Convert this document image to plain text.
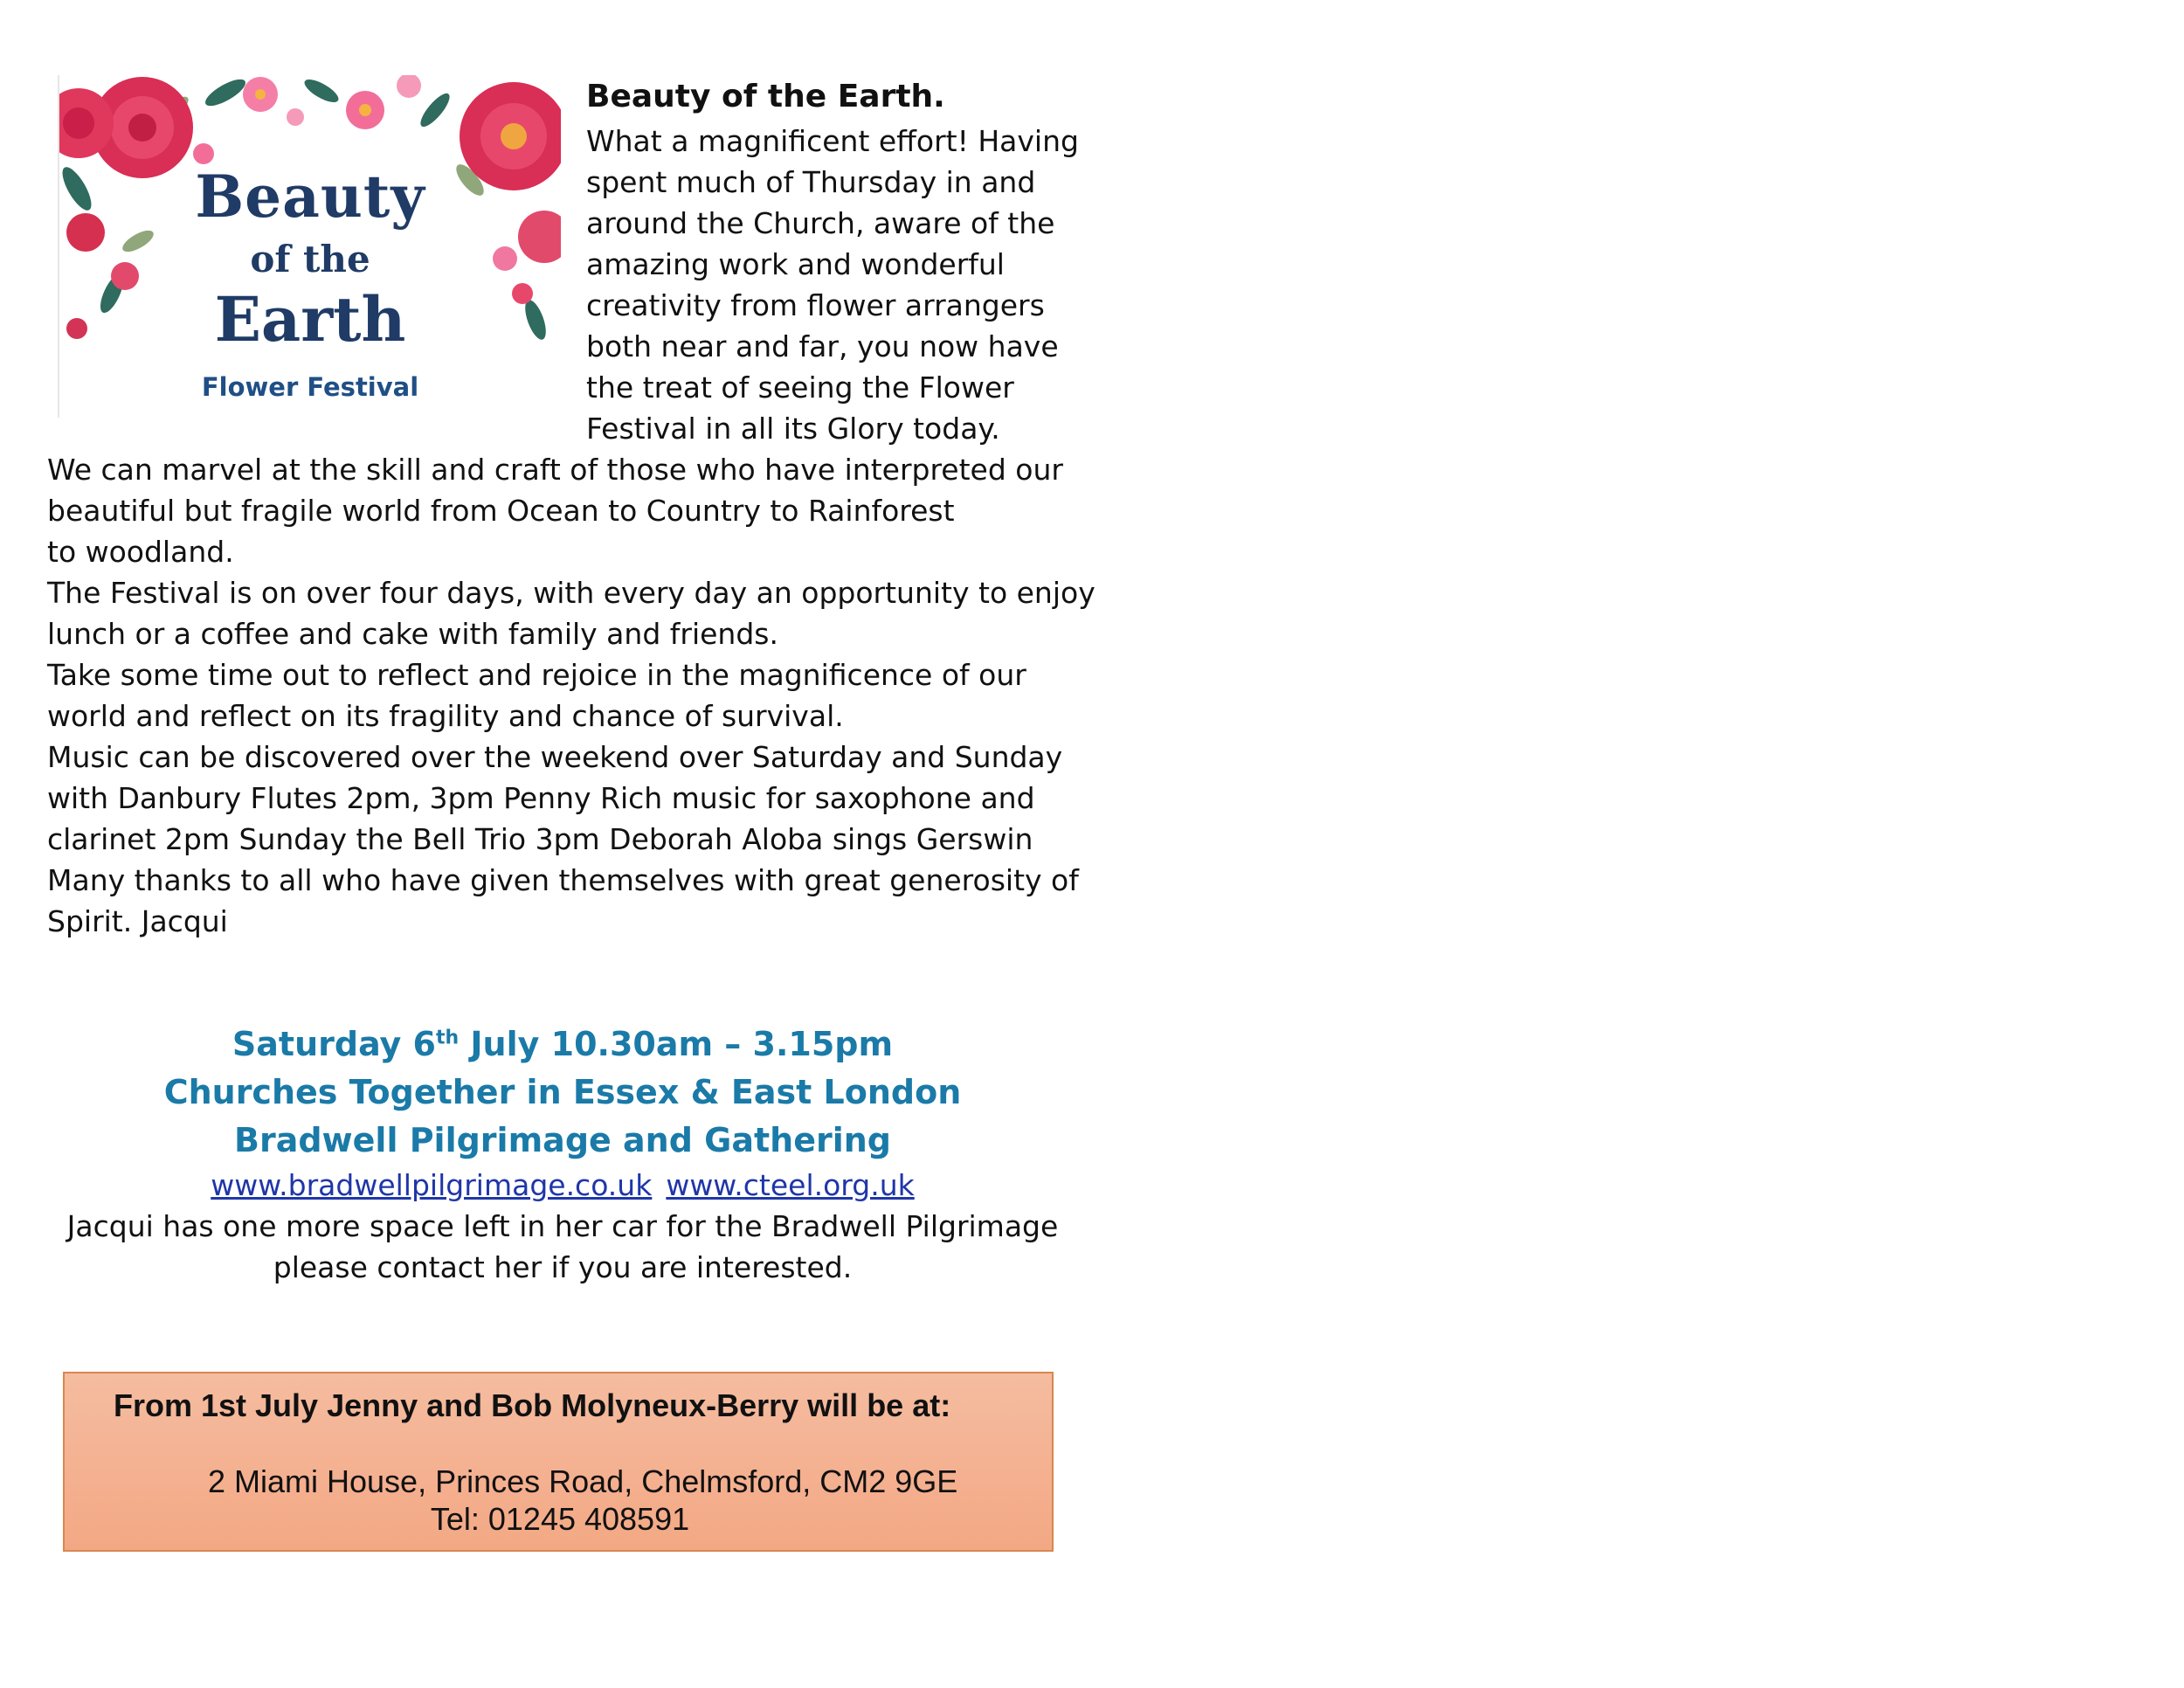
Beauty
of the
Earth
Flower Festival
Beauty of the Earth.
What a magnificent effort! Having
spent much of Thursday in and
around the Church, aware of the
amazing work and wonderful
creativity from flower arrangers
both near and far, you now have
the treat of seeing the Flower
Festival in all its Glory today.

We can marvel at the skill and craft of those who have interpreted our
beautiful but fragile world from Ocean to Country to Rainforest
to woodland.

The Festival is on over four days, with every day an opportunity to enjoy
lunch or a coffee and cake with family and friends.

Take some time out to reflect and rejoice in the magnificence of our
world and reflect on its fragility and chance of survival.

Music can be discovered over the weekend over Saturday and Sunday
with Danbury Flutes 2pm, 3pm Penny Rich music for saxophone and
clarinet 2pm Sunday the Bell Trio 3pm Deborah Aloba sings Gerswin

Many thanks to all who have given themselves with great generosity of
Spirit. Jacqui

Saturday 6th July 10.30am – 3.15pm

Churches Together in Essex & East London

Bradwell Pilgrimage and Gathering

www.bradwellpilgrimage.co.uk www.cteel.org.uk

Jacqui has one more space left in her car for the Bradwell Pilgrimage

please contact her if you are interested.

From 1st July Jenny and Bob Molyneux-Berry will be at:

2 Miami House, Princes Road, Chelmsford, CM2 9GE

Tel: 01245 408591
